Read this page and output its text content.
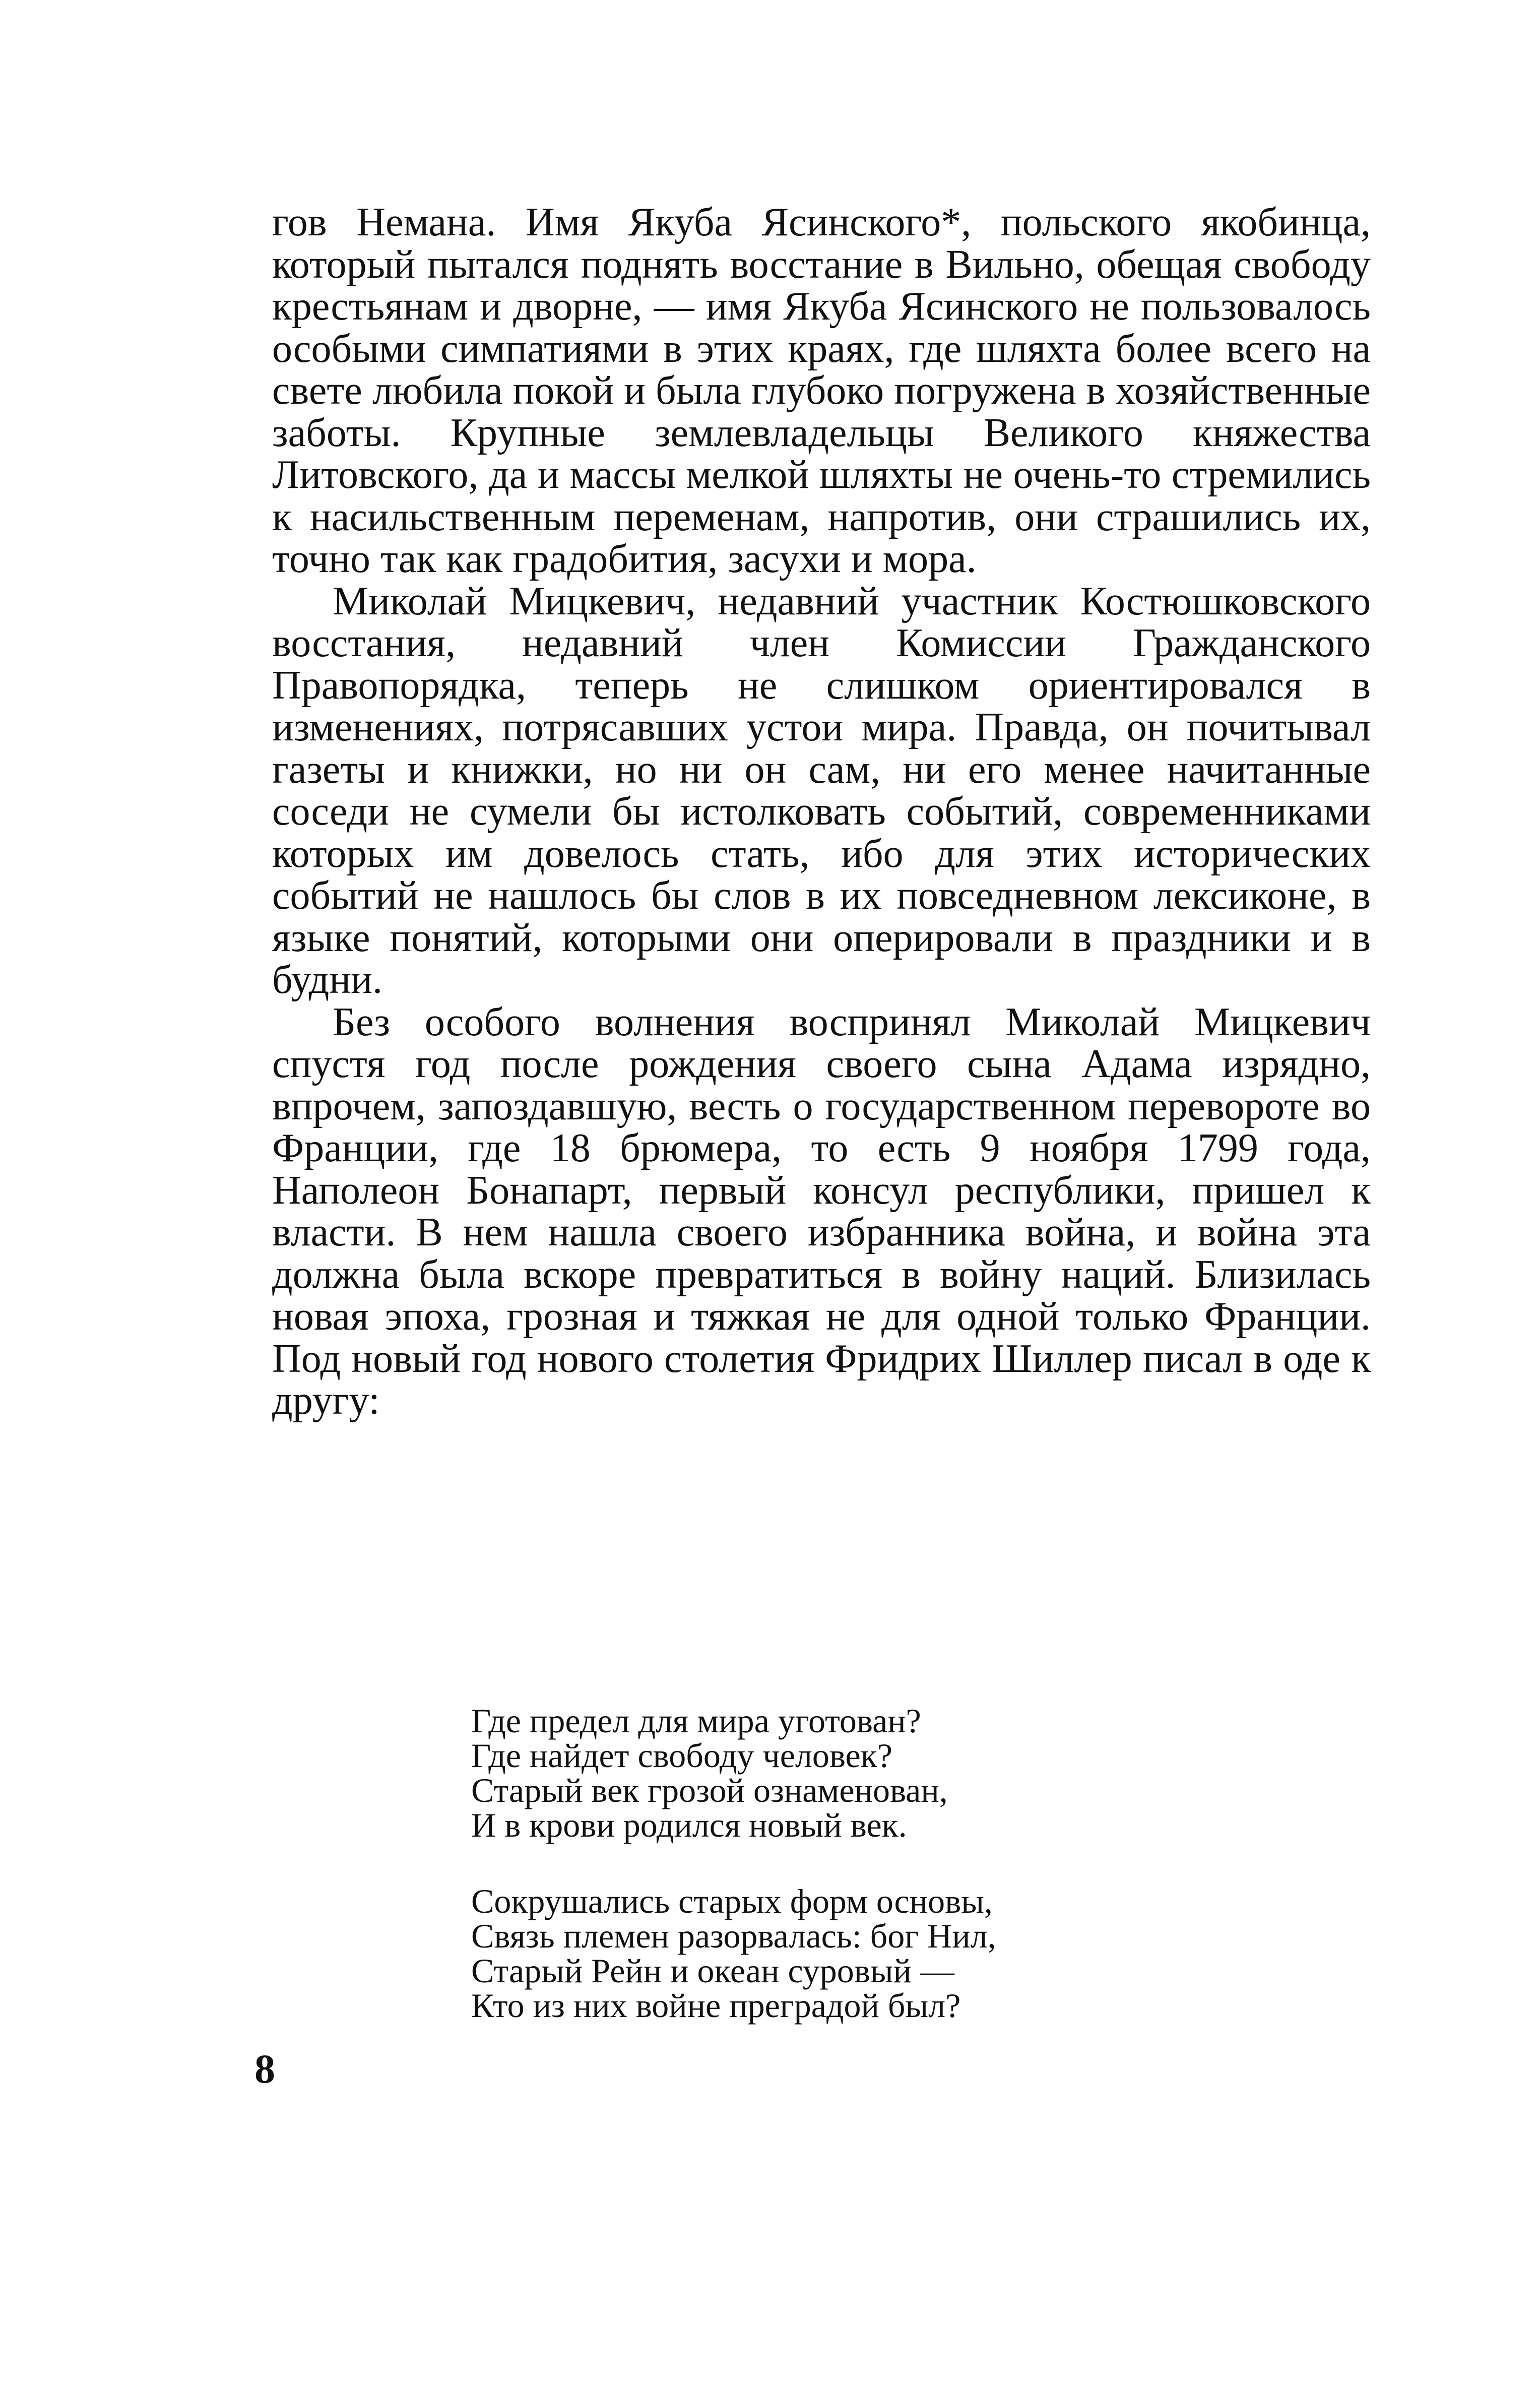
гов Немана. Имя Якуба Ясинского*, польского якобинца, который пытался поднять восстание в Вильно, обещая свободу крестьянам и дворне, — имя Якуба Ясинского не пользовалось особыми симпатиями в этих краях, где шляхта более всего на свете любила покой и была глубоко погружена в хозяйственные заботы. Крупные землевладельцы Великого княжества Литовского, да и массы мелкой шляхты не очень-то стремились к насильственным переменам, напротив, они страшились их, точно так как градобития, засухи и мора.

Миколай Мицкевич, недавний участник Костюшковского восстания, недавний член Комиссии Гражданского Правопорядка, теперь не слишком ориентировался в изменениях, потрясавших устои мира. Правда, он почитывал газеты и книжки, но ни он сам, ни его менее начитанные соседи не сумели бы истолковать событий, современниками которых им довелось стать, ибо для этих исторических событий не нашлось бы слов в их повседневном лексиконе, в языке понятий, которыми они оперировали в праздники и в будни.

Без особого волнения воспринял Миколай Мицкевич спустя год после рождения своего сына Адама изрядно, впрочем, запоздавшую, весть о государственном перевороте во Франции, где 18 брюмера, то есть 9 ноября 1799 года, Наполеон Бонапарт, первый консул республики, пришел к власти. В нем нашла своего избранника война, и война эта должна была вскоре превратиться в войну наций. Близилась новая эпоха, грозная и тяжкая не для одной только Франции. Под новый год нового столетия Фридрих Шиллер писал в оде к другу:

Где предел для мира уготован?
Где найдет свободу человек?
Старый век грозой ознаменован,
И в крови родился новый век.
Сокрушались старых форм основы,
Связь племен разорвалась: бог Нил,
Старый Рейн и океан суровый —
Кто из них войне преградой был?
8
